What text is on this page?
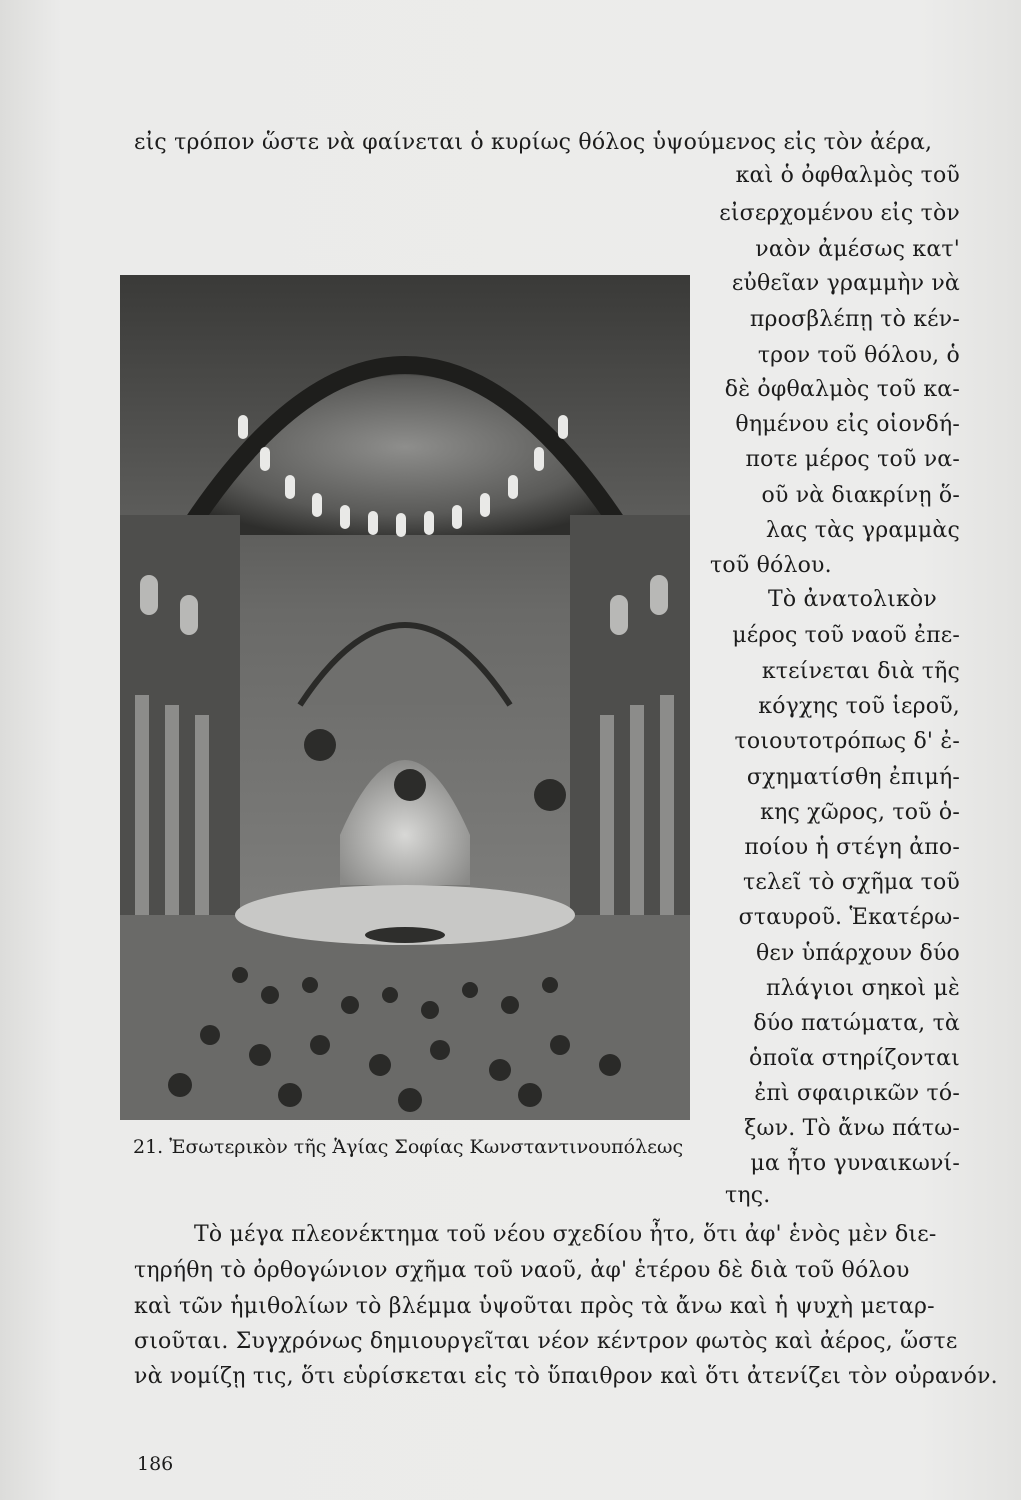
εἰς τρόπον ὥστε νὰ φαίνεται ὁ κυρίως θόλος ὑψούμενος εἰς τὸν ἀέρα,
καὶ ὁ ὀφθαλμὸς τοῦ
εἰσερχομένου εἰς τὸν
ναὸν ἀμέσως κατ'
εὐθεῖαν γραμμὴν νὰ
προσβλέπῃ τὸ κέν-
τρον τοῦ θόλου, ὁ
δὲ ὀφθαλμὸς τοῦ κα-
θημένου εἰς οἱονδή-
ποτε μέρος τοῦ να-
οῦ νὰ διακρίνῃ ὅ-
λας τὰς γραμμὰς
τοῦ θόλου.
Τὸ ἀνατολικὸν
μέρος τοῦ ναοῦ ἐπε-
κτείνεται διὰ τῆς
κόγχης τοῦ ἱεροῦ,
τοιουτοτρόπως δ' ἐ-
σχηματίσθη ἐπιμή-
κης χῶρος, τοῦ ὁ-
ποίου ἡ στέγη ἀπο-
τελεῖ τὸ σχῆμα τοῦ
σταυροῦ. Ἑκατέρω-
θεν ὑπάρχουν δύο
πλάγιοι σηκοὶ μὲ
δύο πατώματα, τὰ
ὁποῖα στηρίζονται
ἐπὶ σφαιρικῶν τό-
ξων. Τὸ ἄνω πάτω-
μα ἦτο γυναικωνί-
της.
21. Ἐσωτερικὸν τῆς Ἁγίας Σοφίας Κωνσταντινουπόλεως
Τὸ μέγα πλεονέκτημα τοῦ νέου σχεδίου ἦτο, ὅτι ἀφ' ἑνὸς μὲν διε-
τηρήθη τὸ ὀρθογώνιον σχῆμα τοῦ ναοῦ, ἀφ' ἑτέρου δὲ διὰ τοῦ θόλου
καὶ τῶν ἡμιθολίων τὸ βλέμμα ὑψοῦται πρὸς τὰ ἄνω καὶ ἡ ψυχὴ μεταρ-
σιοῦται. Συγχρόνως δημιουργεῖται νέον κέντρον φωτὸς καὶ ἀέρος, ὥστε
νὰ νομίζῃ τις, ὅτι εὑρίσκεται εἰς τὸ ὕπαιθρον καὶ ὅτι ἀτενίζει τὸν οὐρανόν.
186
